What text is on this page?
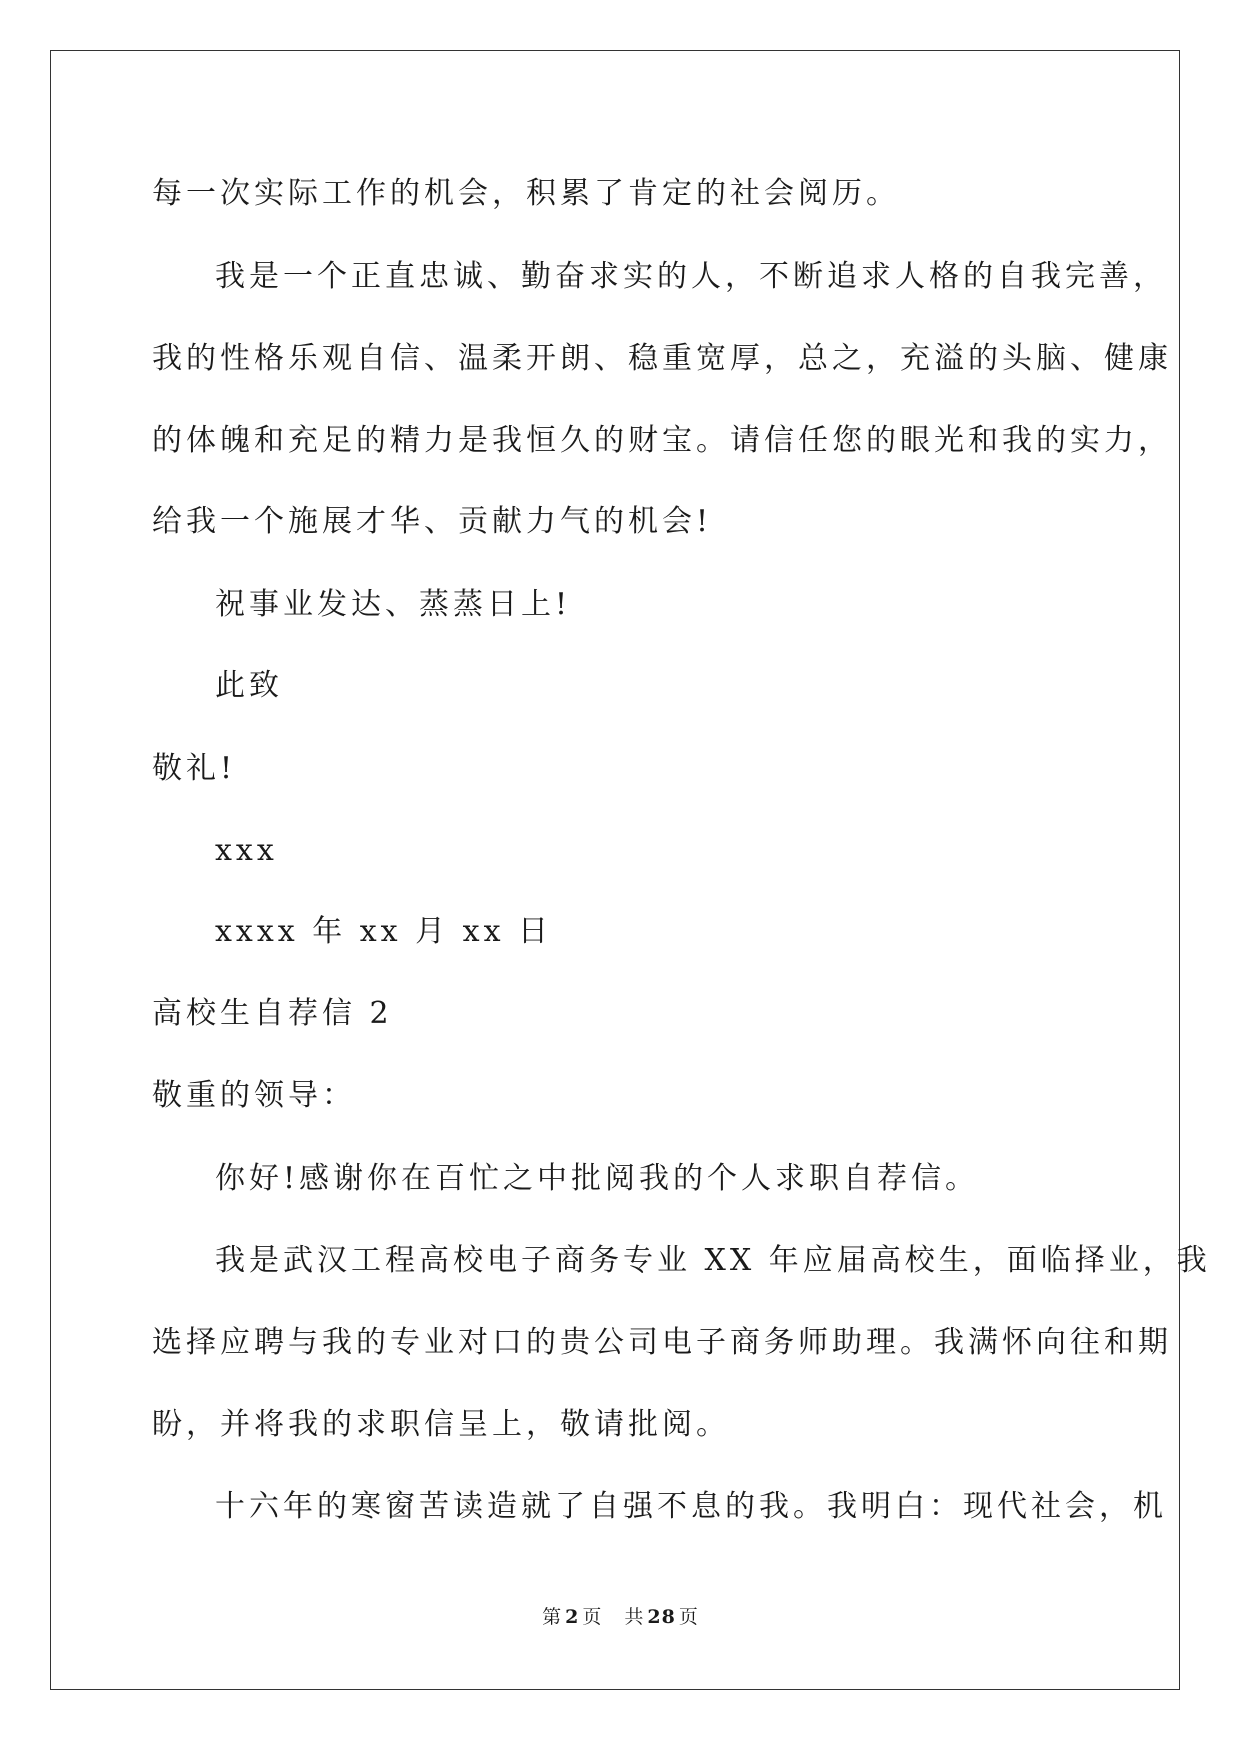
每一次实际工作的机会，积累了肯定的社会阅历。
我是一个正直忠诚、勤奋求实的人，不断追求人格的自我完善，
我的性格乐观自信、温柔开朗、稳重宽厚，总之，充溢的头脑、健康
的体魄和充足的精力是我恒久的财宝。请信任您的眼光和我的实力，
给我一个施展才华、贡献力气的机会!
祝事业发达、蒸蒸日上!
此致
敬礼!
xxx
xxxx 年 xx 月 xx 日
高校生自荐信 2
敬重的领导：
你好!感谢你在百忙之中批阅我的个人求职自荐信。
我是武汉工程高校电子商务专业 XX 年应届高校生，面临择业，我
选择应聘与我的专业对口的贵公司电子商务师助理。我满怀向往和期
盼，并将我的求职信呈上，敬请批阅。
十六年的寒窗苦读造就了自强不息的我。我明白：现代社会，机
第 2 页 共 28 页
